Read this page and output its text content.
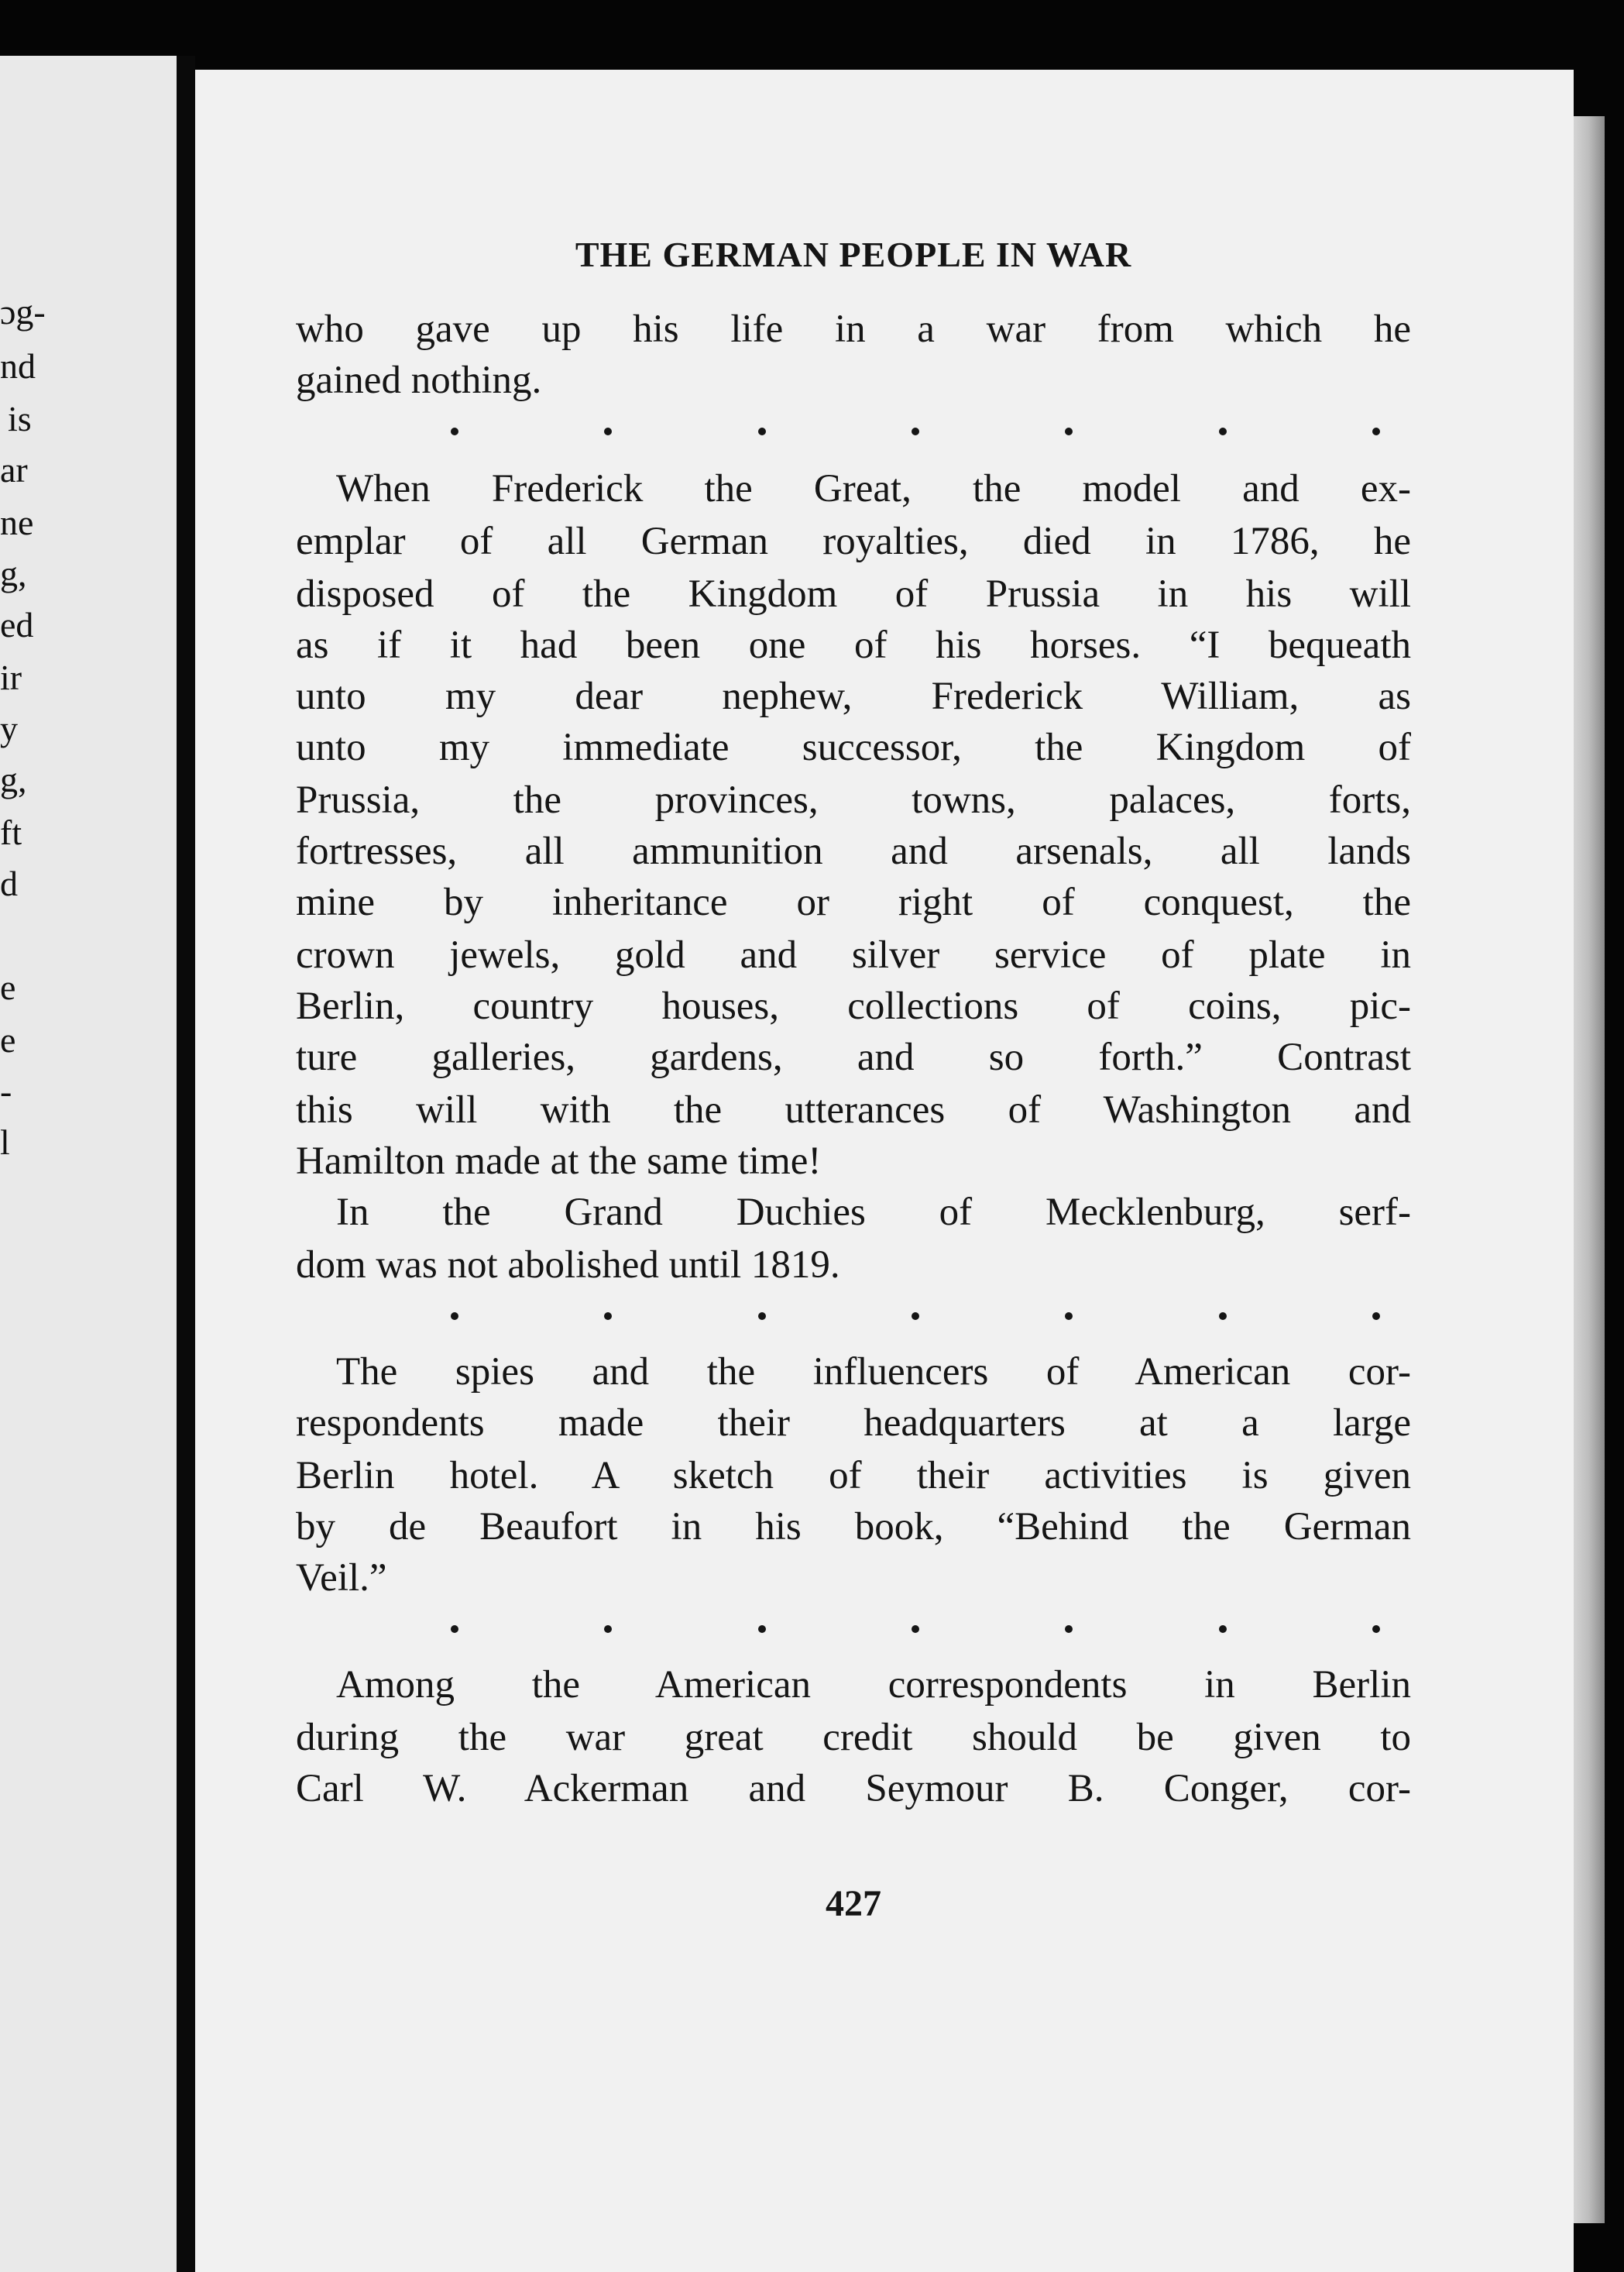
ɔg-
nd
is
ar
ne
g,
ed
ir
y
g,
ft
d
e
e
-
l
THE GERMAN PEOPLE IN WAR
who gave up his life in a war from which he
gained nothing.
When Frederick the Great, the model and ex-
emplar of all German royalties, died in 1786, he
disposed of the Kingdom of Prussia in his will
as if it had been one of his horses. “I bequeath
unto my dear nephew, Frederick William, as
unto my immediate successor, the Kingdom of
Prussia, the provinces, towns, palaces, forts,
fortresses, all ammunition and arsenals, all lands
mine by inheritance or right of conquest, the
crown jewels, gold and silver service of plate in
Berlin, country houses, collections of coins, pic-
ture galleries, gardens, and so forth.” Contrast
this will with the utterances of Washington and
Hamilton made at the same time!
In the Grand Duchies of Mecklenburg, serf-
dom was not abolished until 1819.
The spies and the influencers of American cor-
respondents made their headquarters at a large
Berlin hotel. A sketch of their activities is given
by de Beaufort in his book, “Behind the German
Veil.”
Among the American correspondents in Berlin
during the war great credit should be given to
Carl W. Ackerman and Seymour B. Conger, cor-
427
